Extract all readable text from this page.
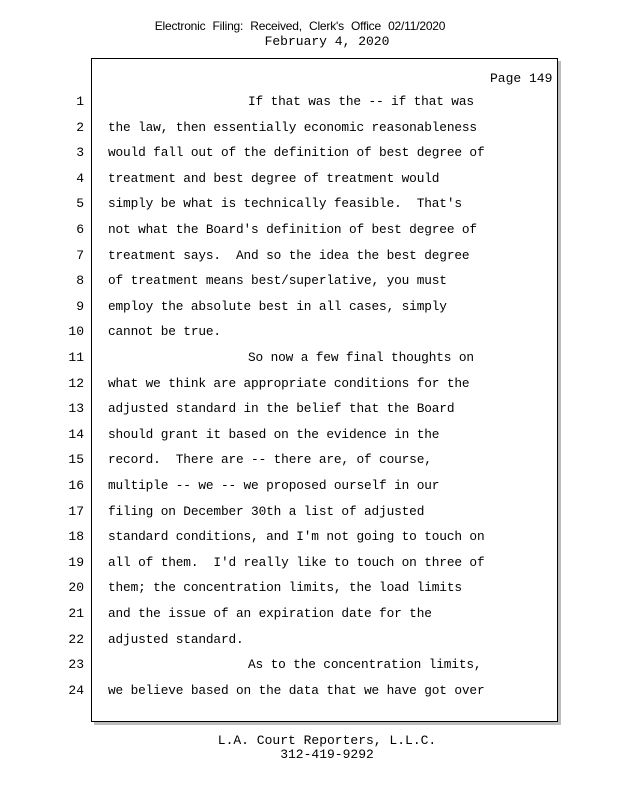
Electronic Filing: Received, Clerk's Office 02/11/2020
February 4, 2020
Page 149
1	If that was the -- if that was
2 the law, then essentially economic reasonableness
3 would fall out of the definition of best degree of
4 treatment and best degree of treatment would
5 simply be what is technically feasible.  That's
6 not what the Board's definition of best degree of
7 treatment says.  And so the idea the best degree
8 of treatment means best/superlative, you must
9 employ the absolute best in all cases, simply
10 cannot be true.
11	So now a few final thoughts on
12 what we think are appropriate conditions for the
13 adjusted standard in the belief that the Board
14 should grant it based on the evidence in the
15 record.  There are -- there are, of course,
16 multiple -- we -- we proposed ourself in our
17 filing on December 30th a list of adjusted
18 standard conditions, and I'm not going to touch on
19 all of them.  I'd really like to touch on three of
20 them; the concentration limits, the load limits
21 and the issue of an expiration date for the
22 adjusted standard.
23	As to the concentration limits,
24 we believe based on the data that we have got over
L.A. Court Reporters, L.L.C.
312-419-9292
